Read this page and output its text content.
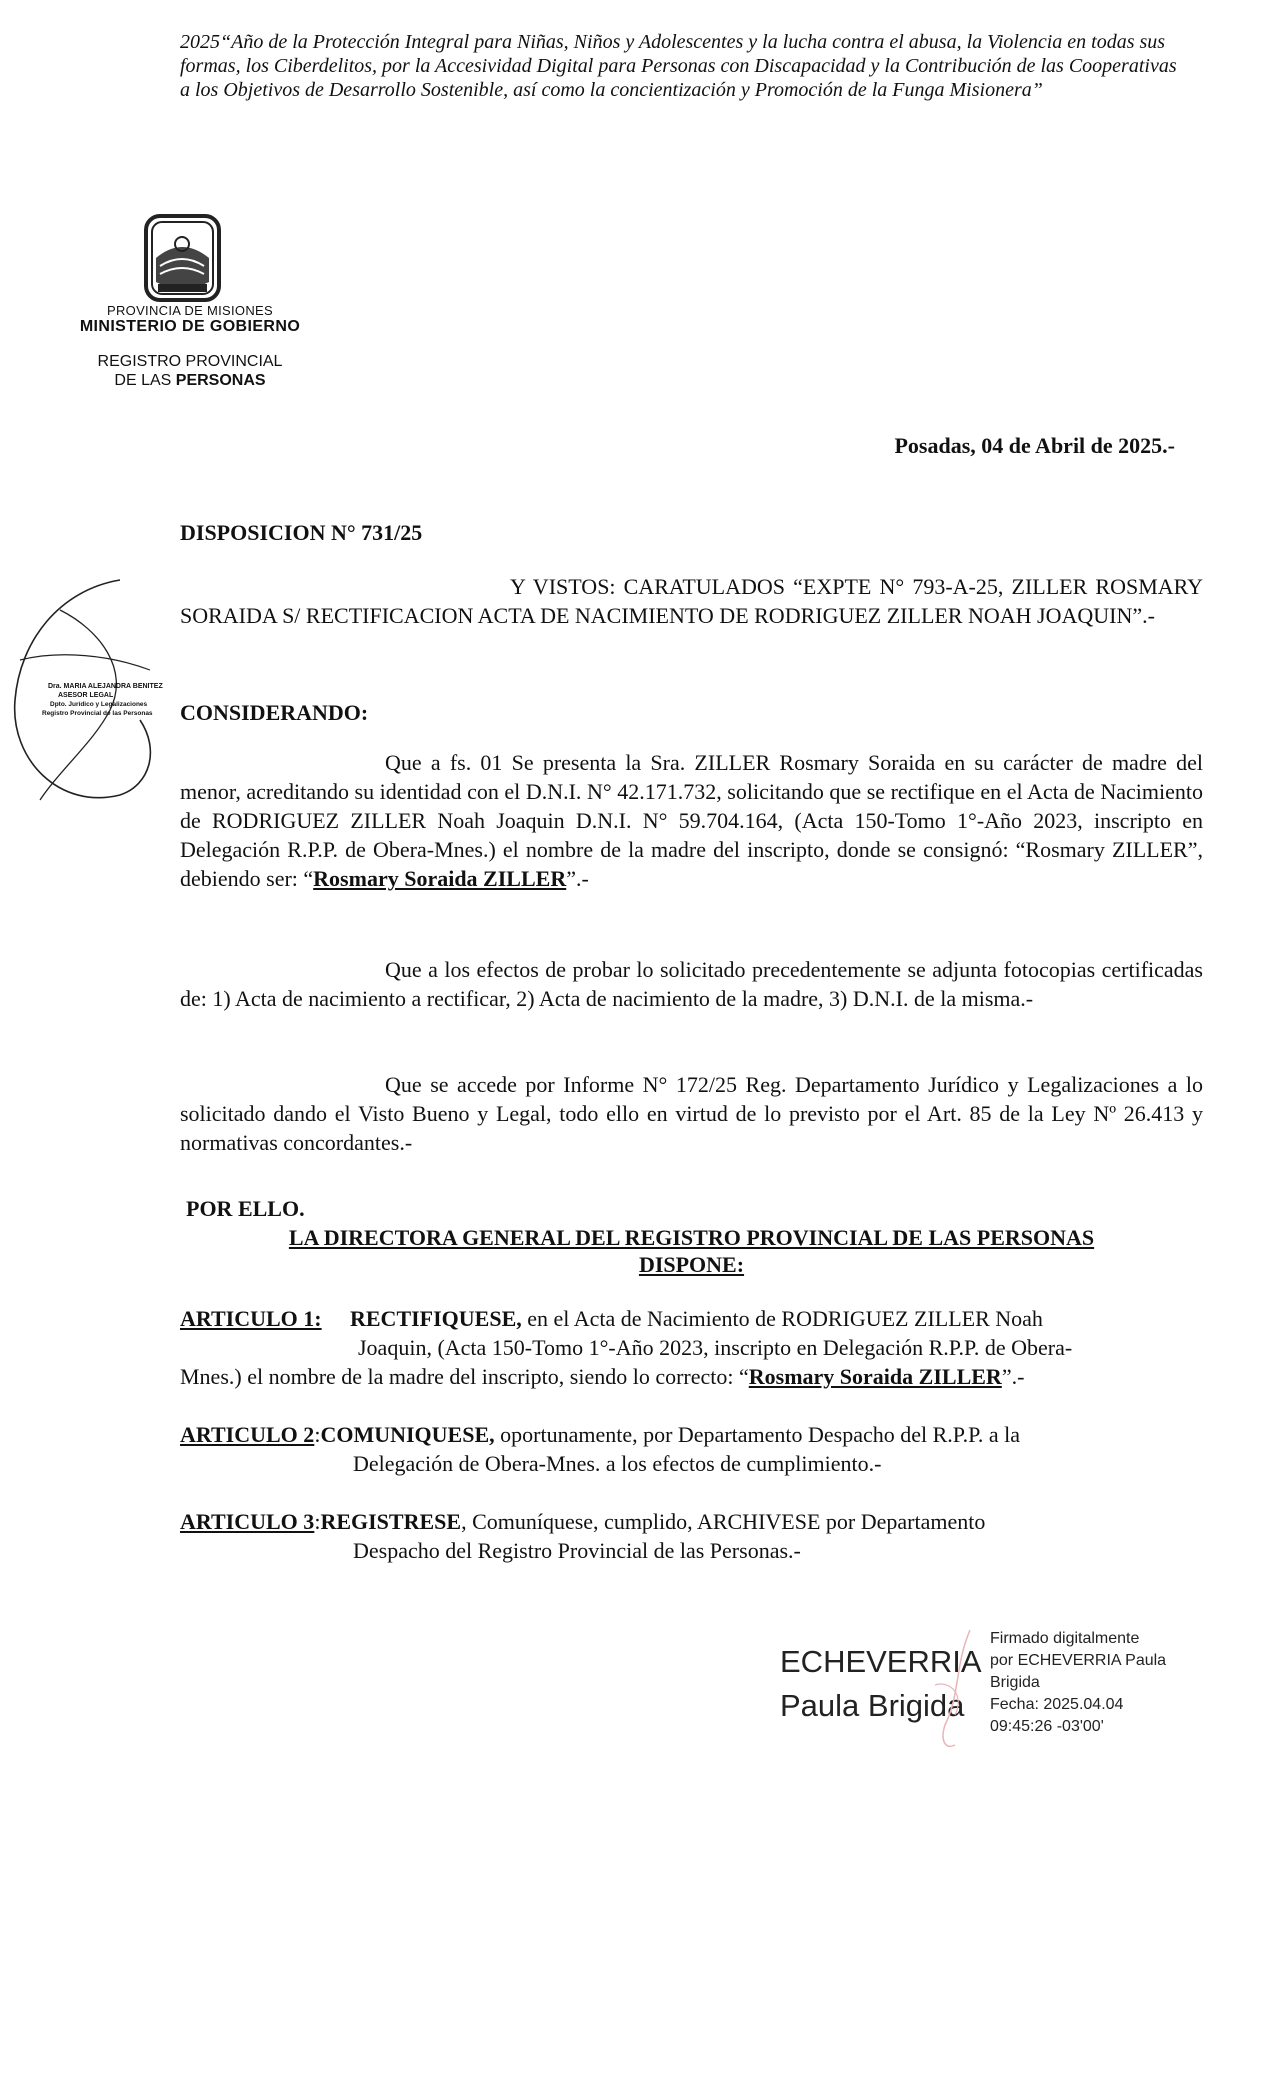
2025“Año de la Protección Integral para Niñas, Niños y Adolescentes y la lucha contra el abusa, la Violencia en todas sus formas, los Ciberdelitos, por la Accesividad Digital para Personas con Discapacidad y la Contribución de las Cooperativas a los Objetivos de Desarrollo Sostenible, así como la concientización y Promoción de la Funga Misionera”
PROVINCIA DE MISIONES
MINISTERIO DE GOBIERNO
REGISTRO PROVINCIAL
DE LAS PERSONAS
Posadas, 04 de Abril de 2025.-
DISPOSICION N° 731/25

Y VISTOS: CARATULADOS “EXPTE N° 793-A-25, ZILLER ROSMARY SORAIDA S/ RECTIFICACION ACTA DE NACIMIENTO DE RODRIGUEZ ZILLER NOAH JOAQUIN”.-

CONSIDERANDO:

Que a fs. 01 Se presenta la Sra. ZILLER Rosmary Soraida en su carácter de madre del menor, acreditando su identidad con el D.N.I. N° 42.171.732, solicitando que se rectifique en el Acta de Nacimiento de RODRIGUEZ ZILLER Noah Joaquin D.N.I. N° 59.704.164, (Acta 150-Tomo 1°-Año 2023, inscripto en Delegación R.P.P. de Obera-Mnes.) el nombre de la madre del inscripto, donde se consignó: “Rosmary ZILLER”, debiendo ser: “Rosmary Soraida ZILLER”.-

Que a los efectos de probar lo solicitado precedentemente se adjunta fotocopias certificadas de: 1) Acta de nacimiento a rectificar, 2) Acta de nacimiento de la madre, 3) D.N.I. de la misma.-

Que se accede por Informe N° 172/25 Reg. Departamento Jurídico y Legalizaciones a lo solicitado dando el Visto Bueno y Legal, todo ello en virtud de lo previsto por el Art. 85 de la Ley Nº 26.413 y normativas concordantes.-

POR ELLO.
LA DIRECTORA GENERAL DEL REGISTRO PROVINCIAL DE LAS PERSONAS
DISPONE:
ARTICULO 1:	RECTIFIQUESE, en el Acta de Nacimiento de RODRIGUEZ ZILLER Noah
Joaquin, (Acta 150-Tomo 1°-Año 2023, inscripto en Delegación R.P.P. de Obera-
Mnes.) el nombre de la madre del inscripto, siendo lo correcto: “Rosmary Soraida ZILLER”.-
ARTICULO 2: COMUNIQUESE, oportunamente, por Departamento Despacho del R.P.P. a la
Delegación de Obera-Mnes. a los efectos de cumplimiento.-
ARTICULO 3: REGISTRESE, Comuníquese, cumplido, ARCHIVESE por Departamento
Despacho del Registro Provincial de las Personas.-
Dra. MARIA ALEJANDRA BENITEZ
ASESOR LEGAL
Dpto. Jurídico y Legalizaciones
Registro Provincial de las Personas
ECHEVERRIA
Paula Brigida
Firmado digitalmente
por ECHEVERRIA Paula
Brigida
Fecha: 2025.04.04
09:45:26 -03'00'
